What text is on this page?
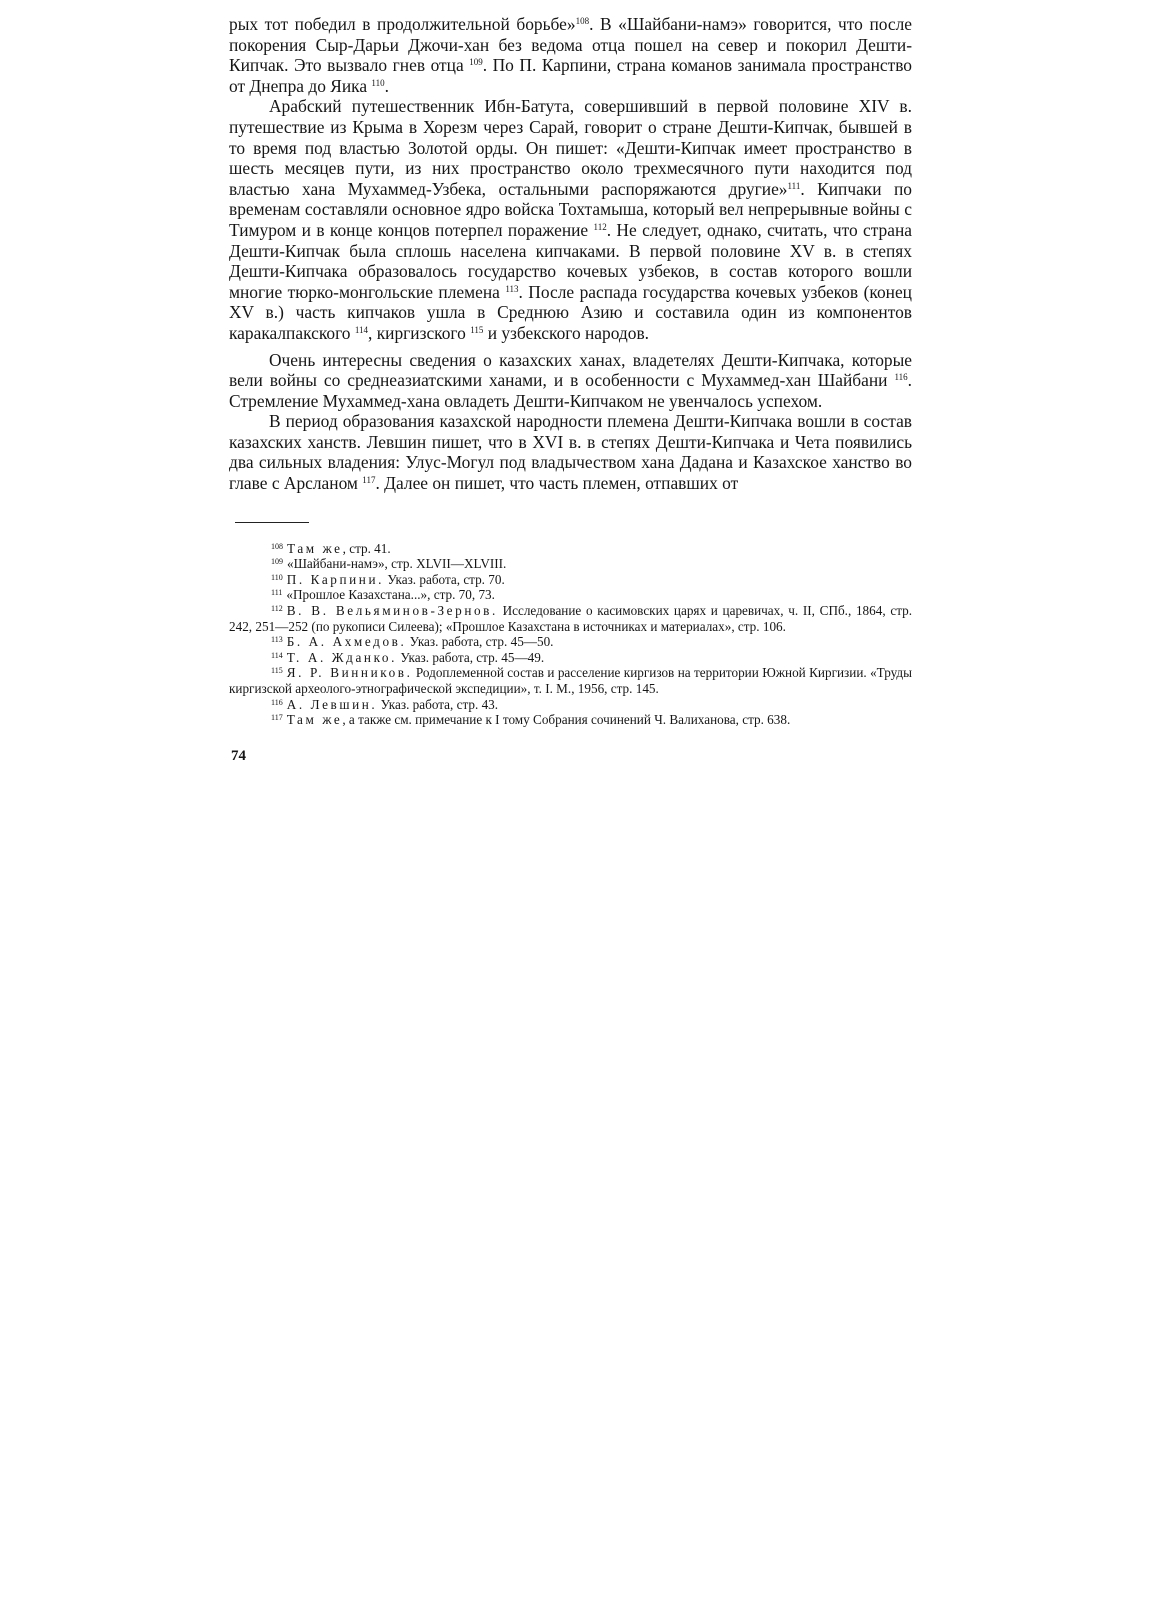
рых тот победил в продолжительной борьбе»$^{108}$. В «Шайбани-намэ» говорится, что после покорения Сыр-Дарьи Джочи-хан без ведома отца пошел на север и покорил Дешти-Кипчак. Это вызвало гнев отца $^{109}$. По П. Карпини, страна команов занимала пространство от Днепра до Яика $^{110}$.

Арабский путешественник Ибн-Батута, совершивший в первой половине XIV в. путешествие из Крыма в Хорезм через Сарай, говорит о стране Дешти-Кипчак, бывшей в то время под властью Золотой орды. Он пишет: «Дешти-Кипчак имеет пространство в шесть месяцев пути, из них пространство около трехмесячного пути находится под властью хана Мухаммед-Узбека, остальными распоряжаются другие»$^{111}$. Кипчаки по временам составляли основное ядро войска Тохтамыша, который вел непрерывные войны с Тимуром и в конце концов потерпел поражение $^{112}$. Не следует, однако, считать, что страна Дешти-Кипчак была сплошь населена кипчаками. В первой половине XV в. в степях Дешти-Кипчака образовалось государство кочевых узбеков, в состав которого вошли многие тюрко-монгольские племена $^{113}$. После распада государства кочевых узбеков (конец XV в.) часть кипчаков ушла в Среднюю Азию и составила один из компонентов каракалпакского $^{114}$, киргизского $^{115}$ и узбекского народов.

Очень интересны сведения о казахских ханах, владетелях Дешти-Кипчака, которые вели войны со среднеазиатскими ханами, и в особенности с Мухаммед-хан Шайбани $^{116}$. Стремление Мухаммед-хана овладеть Дешти-Кипчаком не увенчалось успехом.

В период образования казахской народности племена Дешти-Кипчака вошли в состав казахских ханств. Левшин пишет, что в XVI в. в степях Дешти-Кипчака и Чета появились два сильных владения: Улус-Могул под владычеством хана Дадана и Казахское ханство во главе с Арсланом $^{117}$. Далее он пишет, что часть племен, отпавших от

$^{108}$ Там же, стр. 41.

$^{109}$ «Шайбани-намэ», стр. XLVII—XLVIII.

$^{110}$ П. Карпини. Указ. работа, стр. 70.

$^{111}$ «Прошлое Казахстана...», стр. 70, 73.

$^{112}$ В. В. Вельяминов-Зернов. Исследование о касимовских царях и царевичах, ч. II, СПб., 1864, стр. 242, 251—252 (по рукописи Силеева); «Прошлое Казахстана в источниках и материалах», стр. 106.

$^{113}$ Б. А. Ахмедов. Указ. работа, стр. 45—50.

$^{114}$ Т. А. Жданко. Указ. работа, стр. 45—49.

$^{115}$ Я. Р. Винников. Родоплеменной состав и расселение киргизов на территории Южной Киргизии. «Труды киргизской археолого-этнографической экспедиции», т. I. М., 1956, стр. 145.

$^{116}$ А. Левшин. Указ. работа, стр. 43.

$^{117}$ Там же, а также см. примечание к I тому Собрания сочинений Ч. Валиханова, стр. 638.

74
